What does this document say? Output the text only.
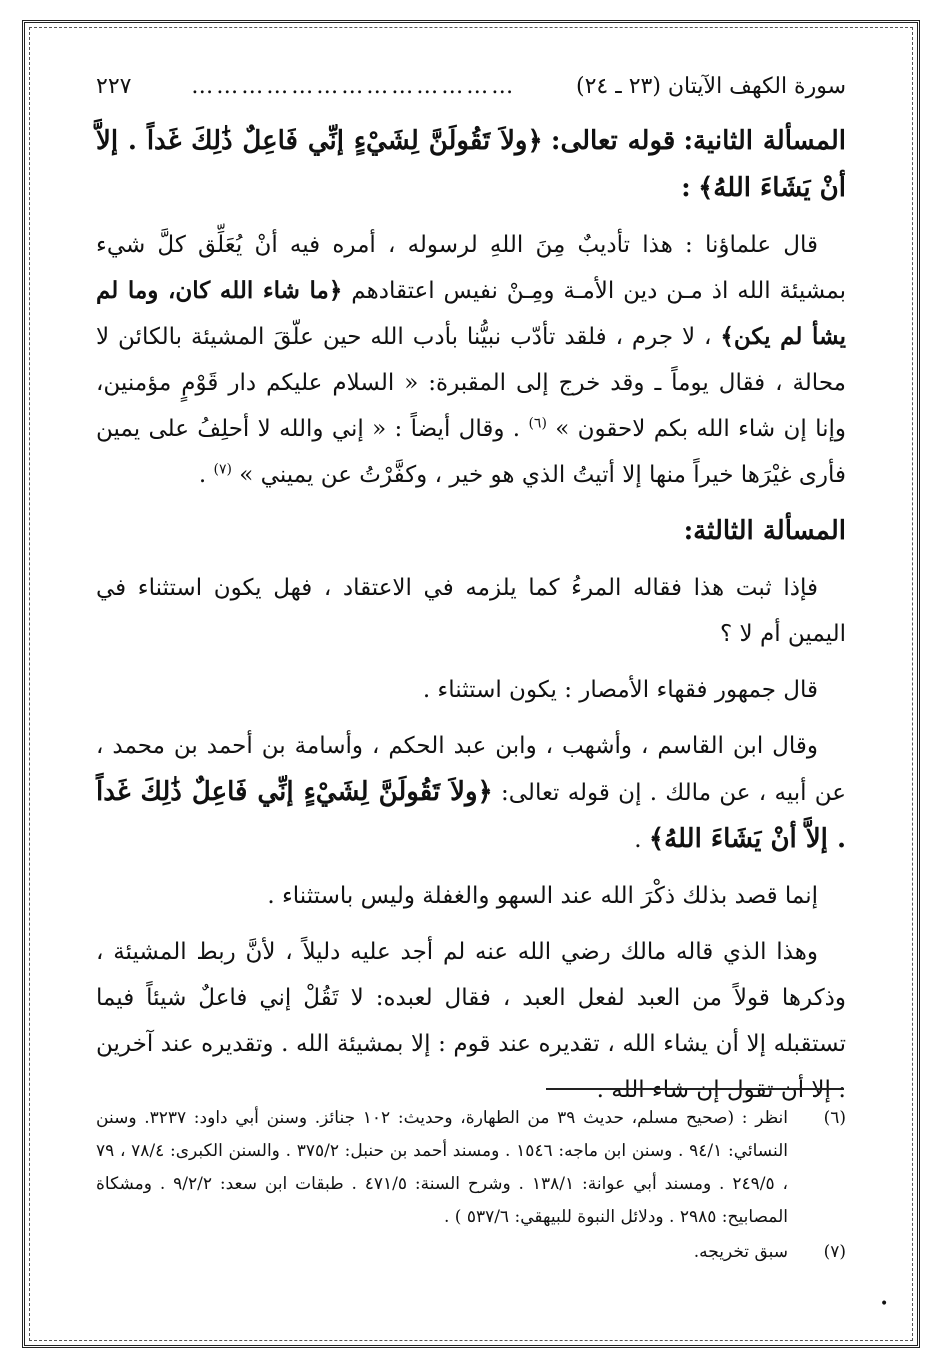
سورة الكهف الآيتان (٢٣ ـ ٢٤)
…………………………………
٢٢٧

المسألة الثانية: قوله تعالى: ﴿ولاَ تَقُولَنَّ لِشَيْءٍ إنِّي فَاعِلٌ ذَٰلِكَ غَداً . إلاَّ أنْ يَشَاءَ اللهُ﴾ :

قال علماؤنا : هذا تأديبٌ مِنَ اللهِ لرسوله ، أمره فيه أنْ يُعَلِّق كلَّ شيء بمشيئة الله اذ مـن دين الأمـة ومِـنْ نفيس اعتقادهم ﴿ما شاء الله كان، وما لم يشأ لم يكن﴾ ، لا جرم ، فلقد تأدّب نبيُّنا بأدب الله حين علّقَ المشيئة بالكائن لا محالة ، فقال يوماً ـ وقد خرج إلى المقبرة: « السلام عليكم دار قَوْمٍ مؤمنين، وإنا إن شاء الله بكم لاحقون » $^{(٦)}$ . وقال أيضاً : « إني والله لا أحلِفُ على يمين فأرى غيْرَها خيراً منها إلا أتيتُ الذي هو خير ، وكفَّرْتُ عن يميني » $^{(٧)}$ .

المسألة الثالثة:

فإذا ثبت هذا فقاله المرءُ كما يلزمه في الاعتقاد ، فهل يكون استثناء في اليمين أم لا ؟

قال جمهور فقهاء الأمصار : يكون استثناء .

وقال ابن القاسم ، وأشهب ، وابن عبد الحكم ، وأسامة بن أحمد بن محمد ، عن أبيه ، عن مالك . إن قوله تعالى: ﴿ولاَ تَقُولَنَّ لِشَيْءٍ إنِّي فَاعِلٌ ذَٰلِكَ غَداً . إلاَّ أنْ يَشَاءَ اللهُ﴾ .

إنما قصد بذلك ذكْرَ الله عند السهو والغفلة وليس باستثناء .

وهذا الذي قاله مالك رضي الله عنه لم أجد عليه دليلاً ، لأنَّ ربط المشيئة ، وذكرها قولاً من العبد لفعل العبد ، فقال لعبده: لا تَقُلْ إني فاعلٌ شيئاً فيما تستقبله إلا أن يشاء الله ، تقديره عند قوم : إلا بمشيئة الله . وتقديره عند آخرين : إلا أن تقول إن شاء الله .

(٦)
انظر : (صحيح مسلم، حديث ٣٩ من الطهارة، وحديث: ١٠٢ جنائز. وسنن أبي داود: ٣٢٣٧. وسنن النسائي: ٩٤/١ . وسنن ابن ماجه: ١٥٤٦ . ومسند أحمد بن حنبل: ٣٧٥/٢ . والسنن الكبرى: ٧٨/٤ ، ٧٩ ، ٢٤٩/٥ . ومسند أبي عوانة: ١٣٨/١ . وشرح السنة: ٤٧١/٥ . طبقات ابن سعد: ٩/٢/٢ . ومشكاة المصابيح: ٢٩٨٥ . ودلائل النبوة للبيهقي: ٥٣٧/٦ ) .
(٧)
سبق تخريجه.
•
